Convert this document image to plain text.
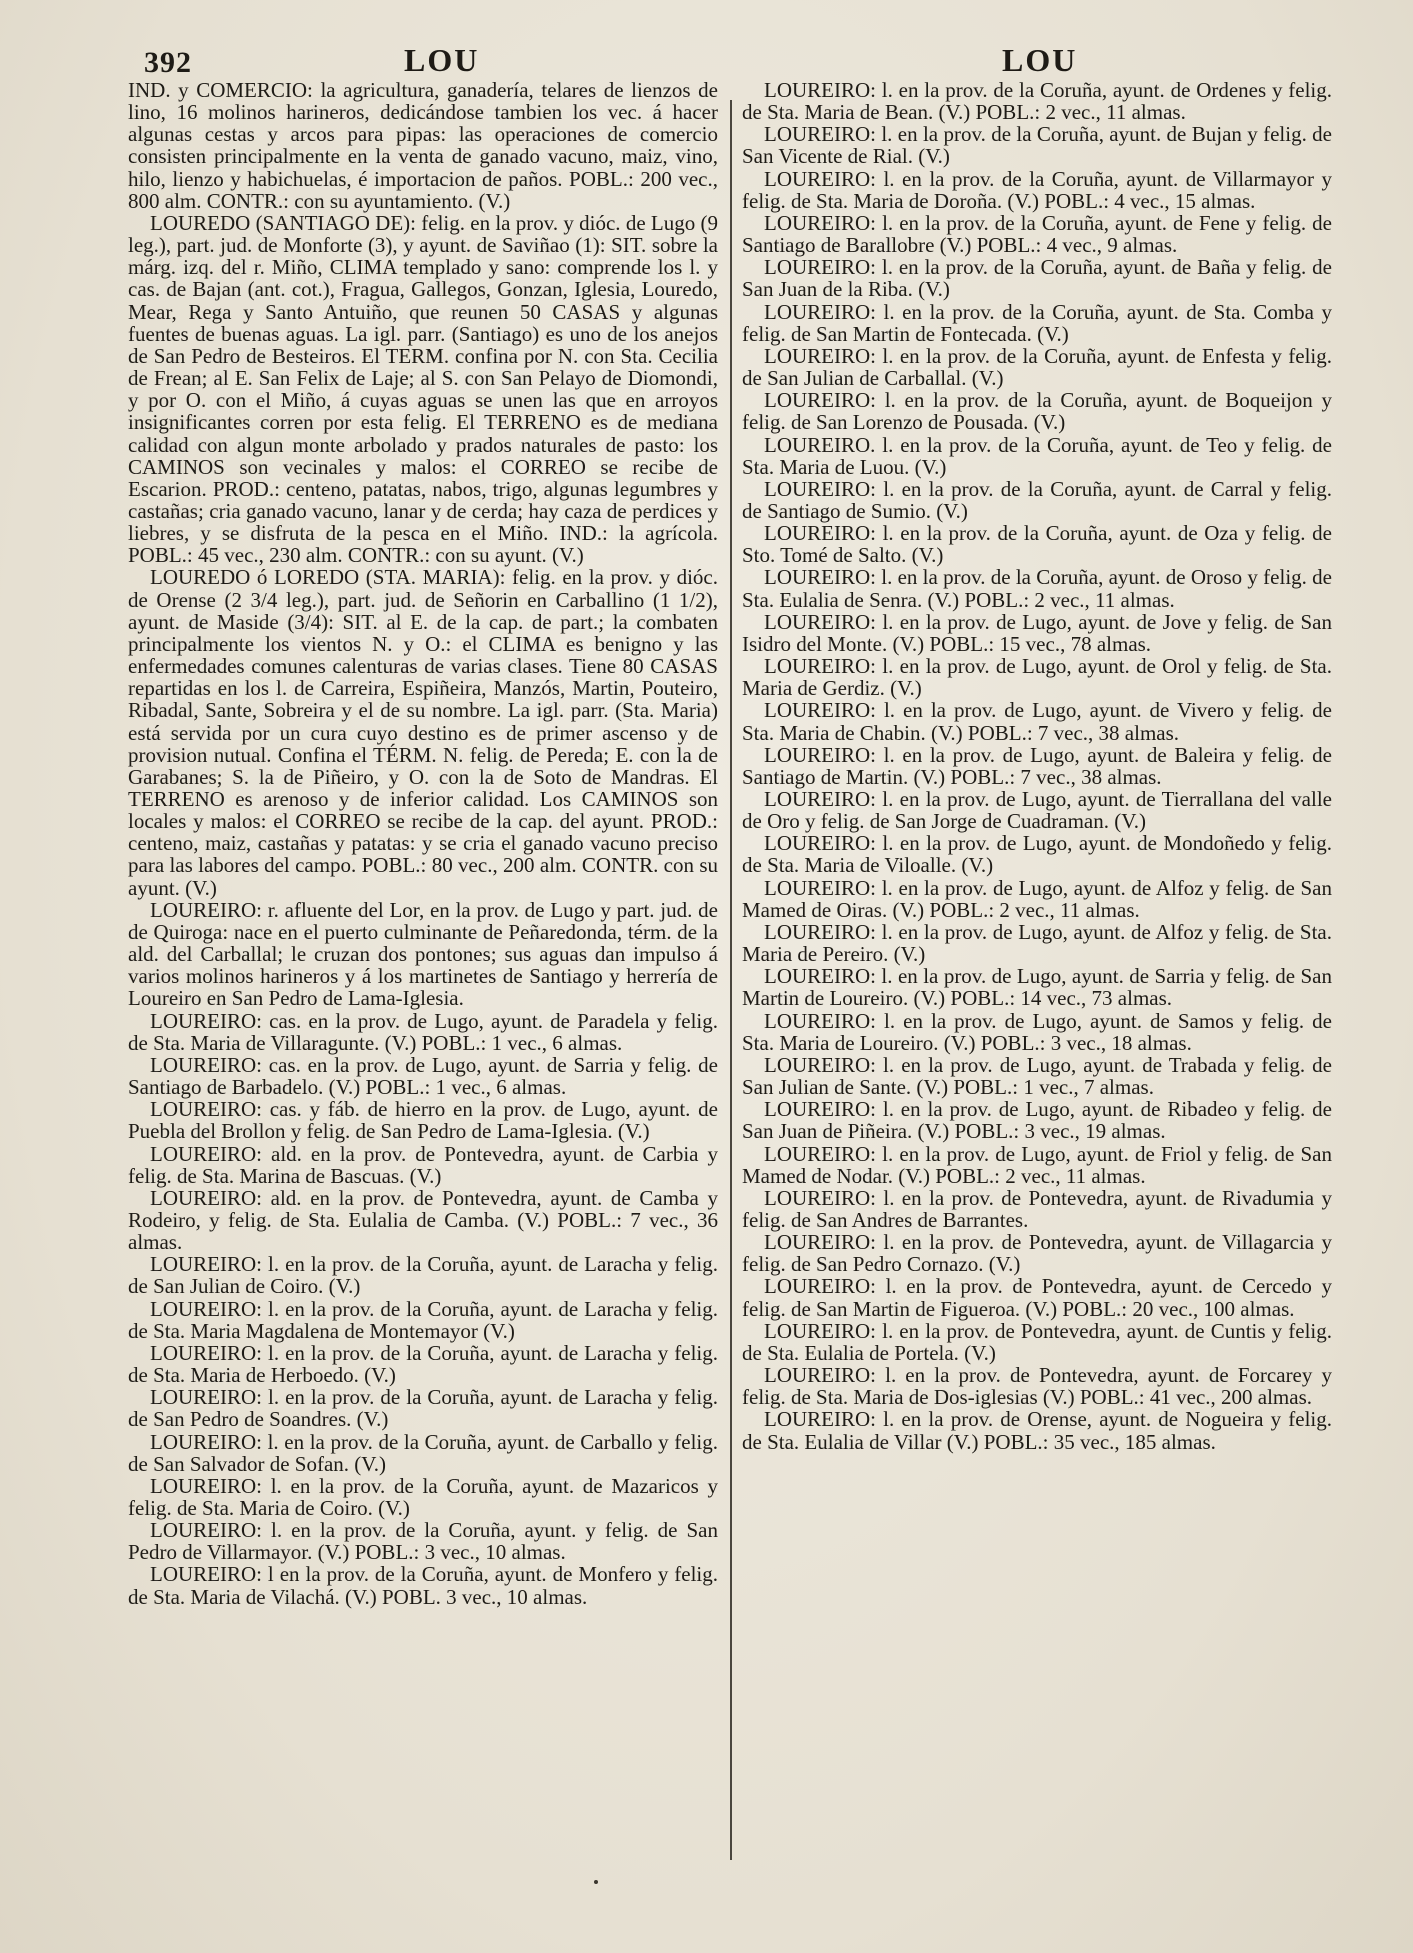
392	LOU	LOU

IND. y COMERCIO: la agricultura, ganadería, telares de lienzos de lino, 16 molinos harineros, dedicándose tambien los vec. á hacer algunas cestas y arcos para pipas: las operaciones de comercio consisten principalmente en la venta de ganado vacuno, maiz, vino, hilo, lienzo y habichuelas, é importacion de paños. POBL.: 200 vec., 800 alm. CONTR.: con su ayuntamiento. (V.)

LOUREDO (SANTIAGO DE): felig. en la prov. y dióc. de Lugo (9 leg.), part. jud. de Monforte (3), y ayunt. de Saviñao (1): SIT. sobre la márg. izq. del r. Miño, CLIMA templado y sano: comprende los l. y cas. de Bajan (ant. cot.), Fragua, Gallegos, Gonzan, Iglesia, Louredo, Mear, Rega y Santo Antuiño, que reunen 50 CASAS y algunas fuentes de buenas aguas. La igl. parr. (Santiago) es uno de los anejos de San Pedro de Besteiros. El TERM. confina por N. con Sta. Cecilia de Frean; al E. San Felix de Laje; al S. con San Pelayo de Diomondi, y por O. con el Miño, á cuyas aguas se unen las que en arroyos insignificantes corren por esta felig. El TERRENO es de mediana calidad con algun monte arbolado y prados naturales de pasto: los CAMINOS son vecinales y malos: el CORREO se recibe de Escarion. PROD.: centeno, patatas, nabos, trigo, algunas legumbres y castañas; cria ganado vacuno, lanar y de cerda; hay caza de perdices y liebres, y se disfruta de la pesca en el Miño. IND.: la agrícola. POBL.: 45 vec., 230 alm. CONTR.: con su ayunt. (V.)

LOUREDO ó LOREDO (STA. MARIA): felig. en la prov. y dióc. de Orense (2 3/4 leg.), part. jud. de Señorin en Carballino (1 1/2), ayunt. de Maside (3/4): SIT. al E. de la cap. de part.; la combaten principalmente los vientos N. y O.: el CLIMA es benigno y las enfermedades comunes calenturas de varias clases. Tiene 80 CASAS repartidas en los l. de Carreira, Espiñeira, Manzós, Martin, Pouteiro, Ribadal, Sante, Sobreira y el de su nombre. La igl. parr. (Sta. Maria) está servida por un cura cuyo destino es de primer ascenso y de provision nutual. Confina el TÉRM. N. felig. de Pereda; E. con la de Garabanes; S. la de Piñeiro, y O. con la de Soto de Mandras. El TERRENO es arenoso y de inferior calidad. Los CAMINOS son locales y malos: el CORREO se recibe de la cap. del ayunt. PROD.: centeno, maiz, castañas y patatas: y se cria el ganado vacuno preciso para las labores del campo. POBL.: 80 vec., 200 alm. CONTR. con su ayunt. (V.)

LOUREIRO: r. afluente del Lor, en la prov. de Lugo y part. jud. de de Quiroga: nace en el puerto culminante de Peñaredonda, térm. de la ald. del Carballal; le cruzan dos pontones; sus aguas dan impulso á varios molinos harineros y á los martinetes de Santiago y herrería de Loureiro en San Pedro de Lama-Iglesia.

LOUREIRO: cas. en la prov. de Lugo, ayunt. de Paradela y felig. de Sta. Maria de Villaragunte. (V.) POBL.: 1 vec., 6 almas.

LOUREIRO: cas. en la prov. de Lugo, ayunt. de Sarria y felig. de Santiago de Barbadelo. (V.) POBL.: 1 vec., 6 almas.

LOUREIRO: cas. y fáb. de hierro en la prov. de Lugo, ayunt. de Puebla del Brollon y felig. de San Pedro de Lama-Iglesia. (V.)

LOUREIRO: ald. en la prov. de Pontevedra, ayunt. de Carbia y felig. de Sta. Marina de Bascuas. (V.)

LOUREIRO: ald. en la prov. de Pontevedra, ayunt. de Camba y Rodeiro, y felig. de Sta. Eulalia de Camba. (V.) POBL.: 7 vec., 36 almas.

LOUREIRO: l. en la prov. de la Coruña, ayunt. de Laracha y felig. de San Julian de Coiro. (V.)

LOUREIRO: l. en la prov. de la Coruña, ayunt. de Laracha y felig. de Sta. Maria Magdalena de Montemayor (V.)

LOUREIRO: l. en la prov. de la Coruña, ayunt. de Laracha y felig. de Sta. Maria de Herboedo. (V.)

LOUREIRO: l. en la prov. de la Coruña, ayunt. de Laracha y felig. de San Pedro de Soandres. (V.)

LOUREIRO: l. en la prov. de la Coruña, ayunt. de Carballo y felig. de San Salvador de Sofan. (V.)

LOUREIRO: l. en la prov. de la Coruña, ayunt. de Mazaricos y felig. de Sta. Maria de Coiro. (V.)

LOUREIRO: l. en la prov. de la Coruña, ayunt. y felig. de San Pedro de Villarmayor. (V.) POBL.: 3 vec., 10 almas.

LOUREIRO: l en la prov. de la Coruña, ayunt. de Monfero y felig. de Sta. Maria de Vilachá. (V.) POBL. 3 vec., 10 almas.

LOUREIRO: l. en la prov. de la Coruña, ayunt. de Ordenes y felig. de Sta. Maria de Bean. (V.) POBL.: 2 vec., 11 almas.

LOUREIRO: l. en la prov. de la Coruña, ayunt. de Bujan y felig. de San Vicente de Rial. (V.)

LOUREIRO: l. en la prov. de la Coruña, ayunt. de Villarmayor y felig. de Sta. Maria de Doroña. (V.) POBL.: 4 vec., 15 almas.

LOUREIRO: l. en la prov. de la Coruña, ayunt. de Fene y felig. de Santiago de Barallobre (V.) POBL.: 4 vec., 9 almas.

LOUREIRO: l. en la prov. de la Coruña, ayunt. de Baña y felig. de San Juan de la Riba. (V.)

LOUREIRO: l. en la prov. de la Coruña, ayunt. de Sta. Comba y felig. de San Martin de Fontecada. (V.)

LOUREIRO: l. en la prov. de la Coruña, ayunt. de Enfesta y felig. de San Julian de Carballal. (V.)

LOUREIRO: l. en la prov. de la Coruña, ayunt. de Boqueijon y felig. de San Lorenzo de Pousada. (V.)

LOUREIRO. l. en la prov. de la Coruña, ayunt. de Teo y felig. de Sta. Maria de Luou. (V.)

LOUREIRO: l. en la prov. de la Coruña, ayunt. de Carral y felig. de Santiago de Sumio. (V.)

LOUREIRO: l. en la prov. de la Coruña, ayunt. de Oza y felig. de Sto. Tomé de Salto. (V.)

LOUREIRO: l. en la prov. de la Coruña, ayunt. de Oroso y felig. de Sta. Eulalia de Senra. (V.) POBL.: 2 vec., 11 almas.

LOUREIRO: l. en la prov. de Lugo, ayunt. de Jove y felig. de San Isidro del Monte. (V.) POBL.: 15 vec., 78 almas.

LOUREIRO: l. en la prov. de Lugo, ayunt. de Orol y felig. de Sta. Maria de Gerdiz. (V.)

LOUREIRO: l. en la prov. de Lugo, ayunt. de Vivero y felig. de Sta. Maria de Chabin. (V.) POBL.: 7 vec., 38 almas.

LOUREIRO: l. en la prov. de Lugo, ayunt. de Baleira y felig. de Santiago de Martin. (V.) POBL.: 7 vec., 38 almas.

LOUREIRO: l. en la prov. de Lugo, ayunt. de Tierrallana del valle de Oro y felig. de San Jorge de Cuadraman. (V.)

LOUREIRO: l. en la prov. de Lugo, ayunt. de Mondoñedo y felig. de Sta. Maria de Viloalle. (V.)

LOUREIRO: l. en la prov. de Lugo, ayunt. de Alfoz y felig. de San Mamed de Oiras. (V.) POBL.: 2 vec., 11 almas.

LOUREIRO: l. en la prov. de Lugo, ayunt. de Alfoz y felig. de Sta. Maria de Pereiro. (V.)

LOUREIRO: l. en la prov. de Lugo, ayunt. de Sarria y felig. de San Martin de Loureiro. (V.) POBL.: 14 vec., 73 almas.

LOUREIRO: l. en la prov. de Lugo, ayunt. de Samos y felig. de Sta. Maria de Loureiro. (V.) POBL.: 3 vec., 18 almas.

LOUREIRO: l. en la prov. de Lugo, ayunt. de Trabada y felig. de San Julian de Sante. (V.) POBL.: 1 vec., 7 almas.

LOUREIRO: l. en la prov. de Lugo, ayunt. de Ribadeo y felig. de San Juan de Piñeira. (V.) POBL.: 3 vec., 19 almas.

LOUREIRO: l. en la prov. de Lugo, ayunt. de Friol y felig. de San Mamed de Nodar. (V.) POBL.: 2 vec., 11 almas.

LOUREIRO: l. en la prov. de Pontevedra, ayunt. de Rivadumia y felig. de San Andres de Barrantes.

LOUREIRO: l. en la prov. de Pontevedra, ayunt. de Villagarcia y felig. de San Pedro Cornazo. (V.)

LOUREIRO: l. en la prov. de Pontevedra, ayunt. de Cercedo y felig. de San Martin de Figueroa. (V.) POBL.: 20 vec., 100 almas.

LOUREIRO: l. en la prov. de Pontevedra, ayunt. de Cuntis y felig. de Sta. Eulalia de Portela. (V.)

LOUREIRO: l. en la prov. de Pontevedra, ayunt. de Forcarey y felig. de Sta. Maria de Dos-iglesias (V.) POBL.: 41 vec., 200 almas.

LOUREIRO: l. en la prov. de Orense, ayunt. de Nogueira y felig. de Sta. Eulalia de Villar (V.) POBL.: 35 vec., 185 almas.
